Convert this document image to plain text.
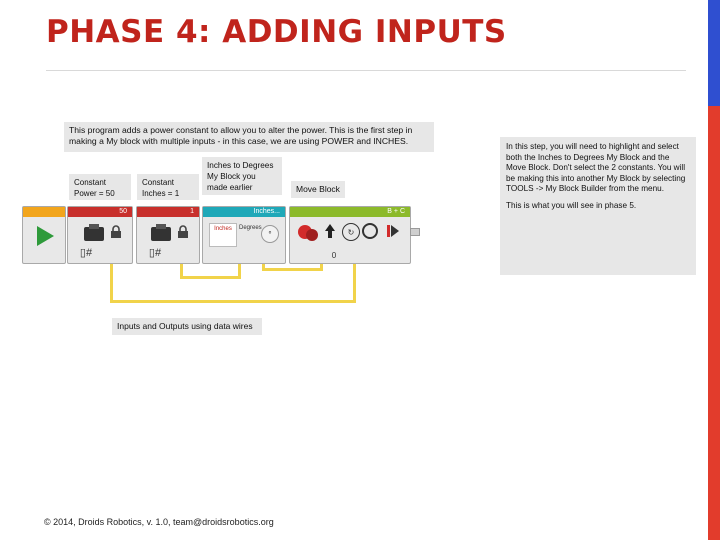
PHASE 4: ADDING INPUTS
This program adds a power constant to allow you to alter the power. This is the first step in making a My block with multiple inputs - in this case, we are using POWER and INCHES.
Constant Power = 50
Constant Inches = 1
Inches to Degrees My Block you made earlier	Move Block
50
▯#
1
▯#
Inches...
Inches	Degrees
°
B + C
↻
0
Inputs and Outputs using data wires
In this step, you will need to highlight and select both the Inches to Degrees My Block and the Move Block. Don't select the 2 constants. You will be making this into another My Block by selecting TOOLS -> My Block Builder from the menu.
This is what you will see in phase 5.
© 2014, Droids Robotics, v. 1.0, team@droidsrobotics.org
